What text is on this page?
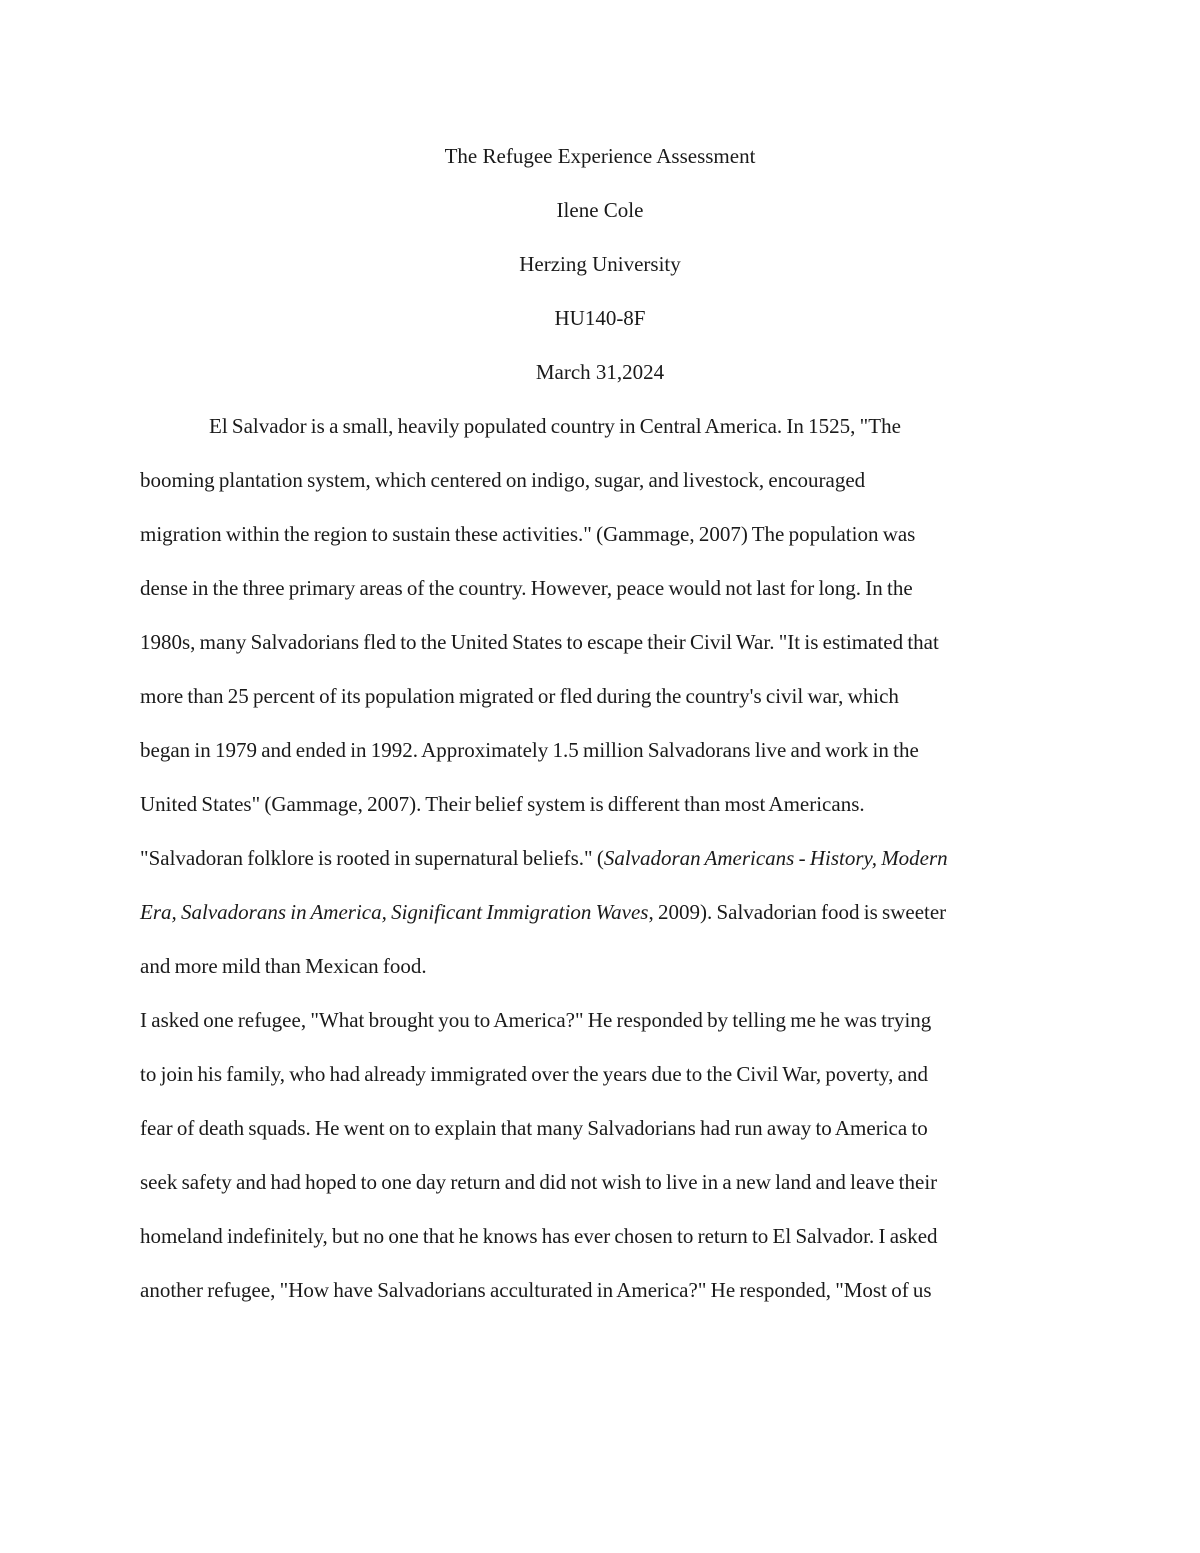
The Refugee Experience Assessment
Ilene Cole
Herzing University
HU140-8F
March 31,2024
El Salvador is a small, heavily populated country in Central America. In 1525, "The
booming plantation system, which centered on indigo, sugar, and livestock, encouraged
migration within the region to sustain these activities." (Gammage, 2007) The population was
dense in the three primary areas of the country. However, peace would not last for long. In the
1980s, many Salvadorians fled to the United States to escape their Civil War. "It is estimated that
more than 25 percent of its population migrated or fled during the country's civil war, which
began in 1979 and ended in 1992. Approximately 1.5 million Salvadorans live and work in the
United States" (Gammage, 2007). Their belief system is different than most Americans.
"Salvadoran folklore is rooted in supernatural beliefs." (Salvadoran Americans - History, Modern
Era, Salvadorans in America, Significant Immigration Waves, 2009). Salvadorian food is sweeter
and more mild than Mexican food.
I asked one refugee, "What brought you to America?" He responded by telling me he was trying
to join his family, who had already immigrated over the years due to the Civil War, poverty, and
fear of death squads. He went on to explain that many Salvadorians had run away to America to
seek safety and had hoped to one day return and did not wish to live in a new land and leave their
homeland indefinitely, but no one that he knows has ever chosen to return to El Salvador. I asked
another refugee, "How have Salvadorians acculturated in America?" He responded, "Most of us
